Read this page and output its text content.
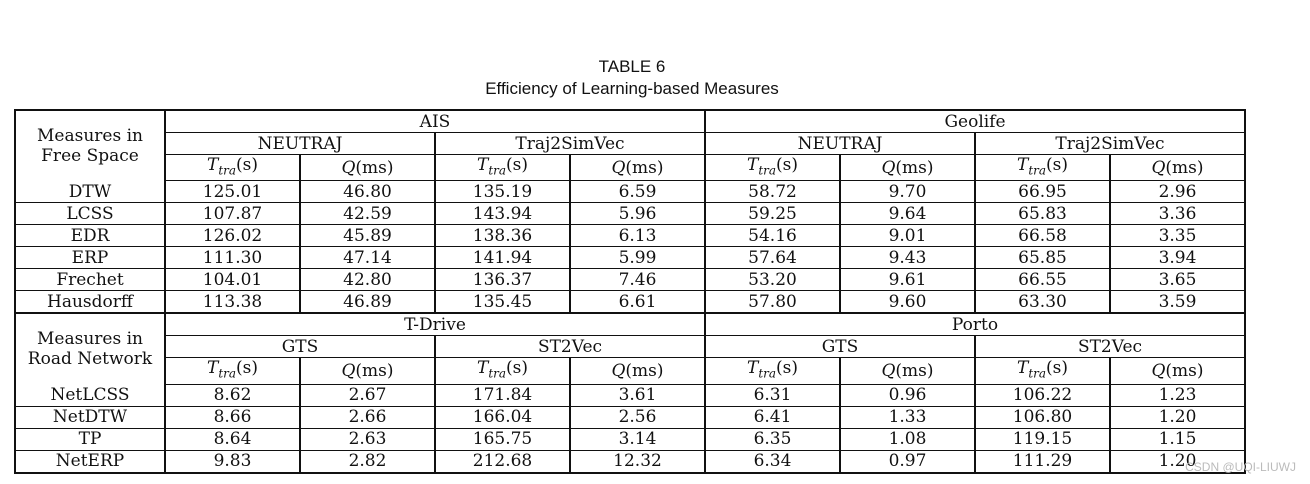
TABLE 6
Efficiency of Learning-based Measures
Measures in
Free Space	AIS				Geolife			
	NEUTRAJ		Traj2SimVec		NEUTRAJ		Traj2SimVec	
	$T_{tra}(s)$	Q(ms)	$T_{tra}(s)$	Q(ms)	$T_{tra}(s)$	Q(ms)	$T_{tra}(s)$	Q(ms)
DTW	125.01	46.80	135.19	6.59	58.72	9.70	66.95	2.96
LCSS	107.87	42.59	143.94	5.96	59.25	9.64	65.83	3.36
EDR	126.02	45.89	138.36	6.13	54.16	9.01	66.58	3.35
ERP	111.30	47.14	141.94	5.99	57.64	9.43	65.85	3.94
Frechet	104.01	42.80	136.37	7.46	53.20	9.61	66.55	3.65
Hausdorff	113.38	46.89	135.45	6.61	57.80	9.60	63.30	3.59

Measures in
Road Network	T-Drive				Porto			
	GTS		ST2Vec		GTS		ST2Vec	
	$T_{tra}(s)$	Q(ms)	$T_{tra}(s)$	Q(ms)	$T_{tra}(s)$	Q(ms)	$T_{tra}(s)$	Q(ms)
NetLCSS	8.62	2.67	171.84	3.61	6.31	0.96	106.22	1.23
NetDTW	8.66	2.66	166.04	2.56	6.41	1.33	106.80	1.20
TP	8.64	2.63	165.75	3.14	6.35	1.08	119.15	1.15
NetERP	9.83	2.82	212.68	12.32	6.34	0.97	111.29	1.20
CSDN @UQI-LIUWJ
